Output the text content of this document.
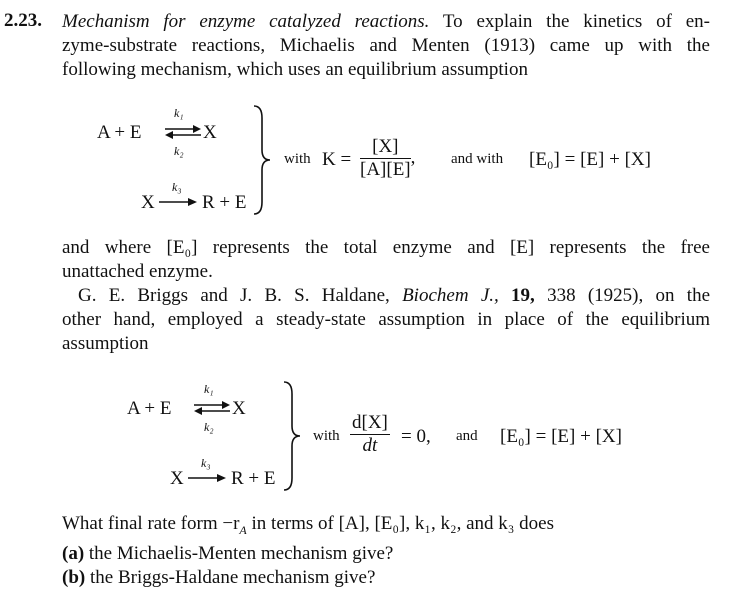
2.23. Mechanism for enzyme catalyzed reactions. To explain the kinetics of en-
zyme-substrate reactions, Michaelis and Menten (1913) came up with the
following mechanism, which uses an equilibrium assumption

A + E
k₁
X
k₂
X
k₃
R + E
with $K = \frac{[X]}{[A][E]}$ , and with [E₀] = [E] + [X]

and where [E₀] represents the total enzyme and [E] represents the free
unattached enzyme.
G. E. Briggs and J. B. S. Haldane, Biochem J., 19, 338 (1925), on the
other hand, employed a steady-state assumption in place of the equilibrium
assumption

A + E
k₁
X
k₂
X
k₃
R + E
with $\frac{d[X]}{dt} = 0$, and [E₀] = [E] + [X]
What final rate form $-r_A$ in terms of [A], [E₀], k₁, k₂, and k₃ does
(a) the Michaelis-Menten mechanism give?
(b) the Briggs-Haldane mechanism give?
